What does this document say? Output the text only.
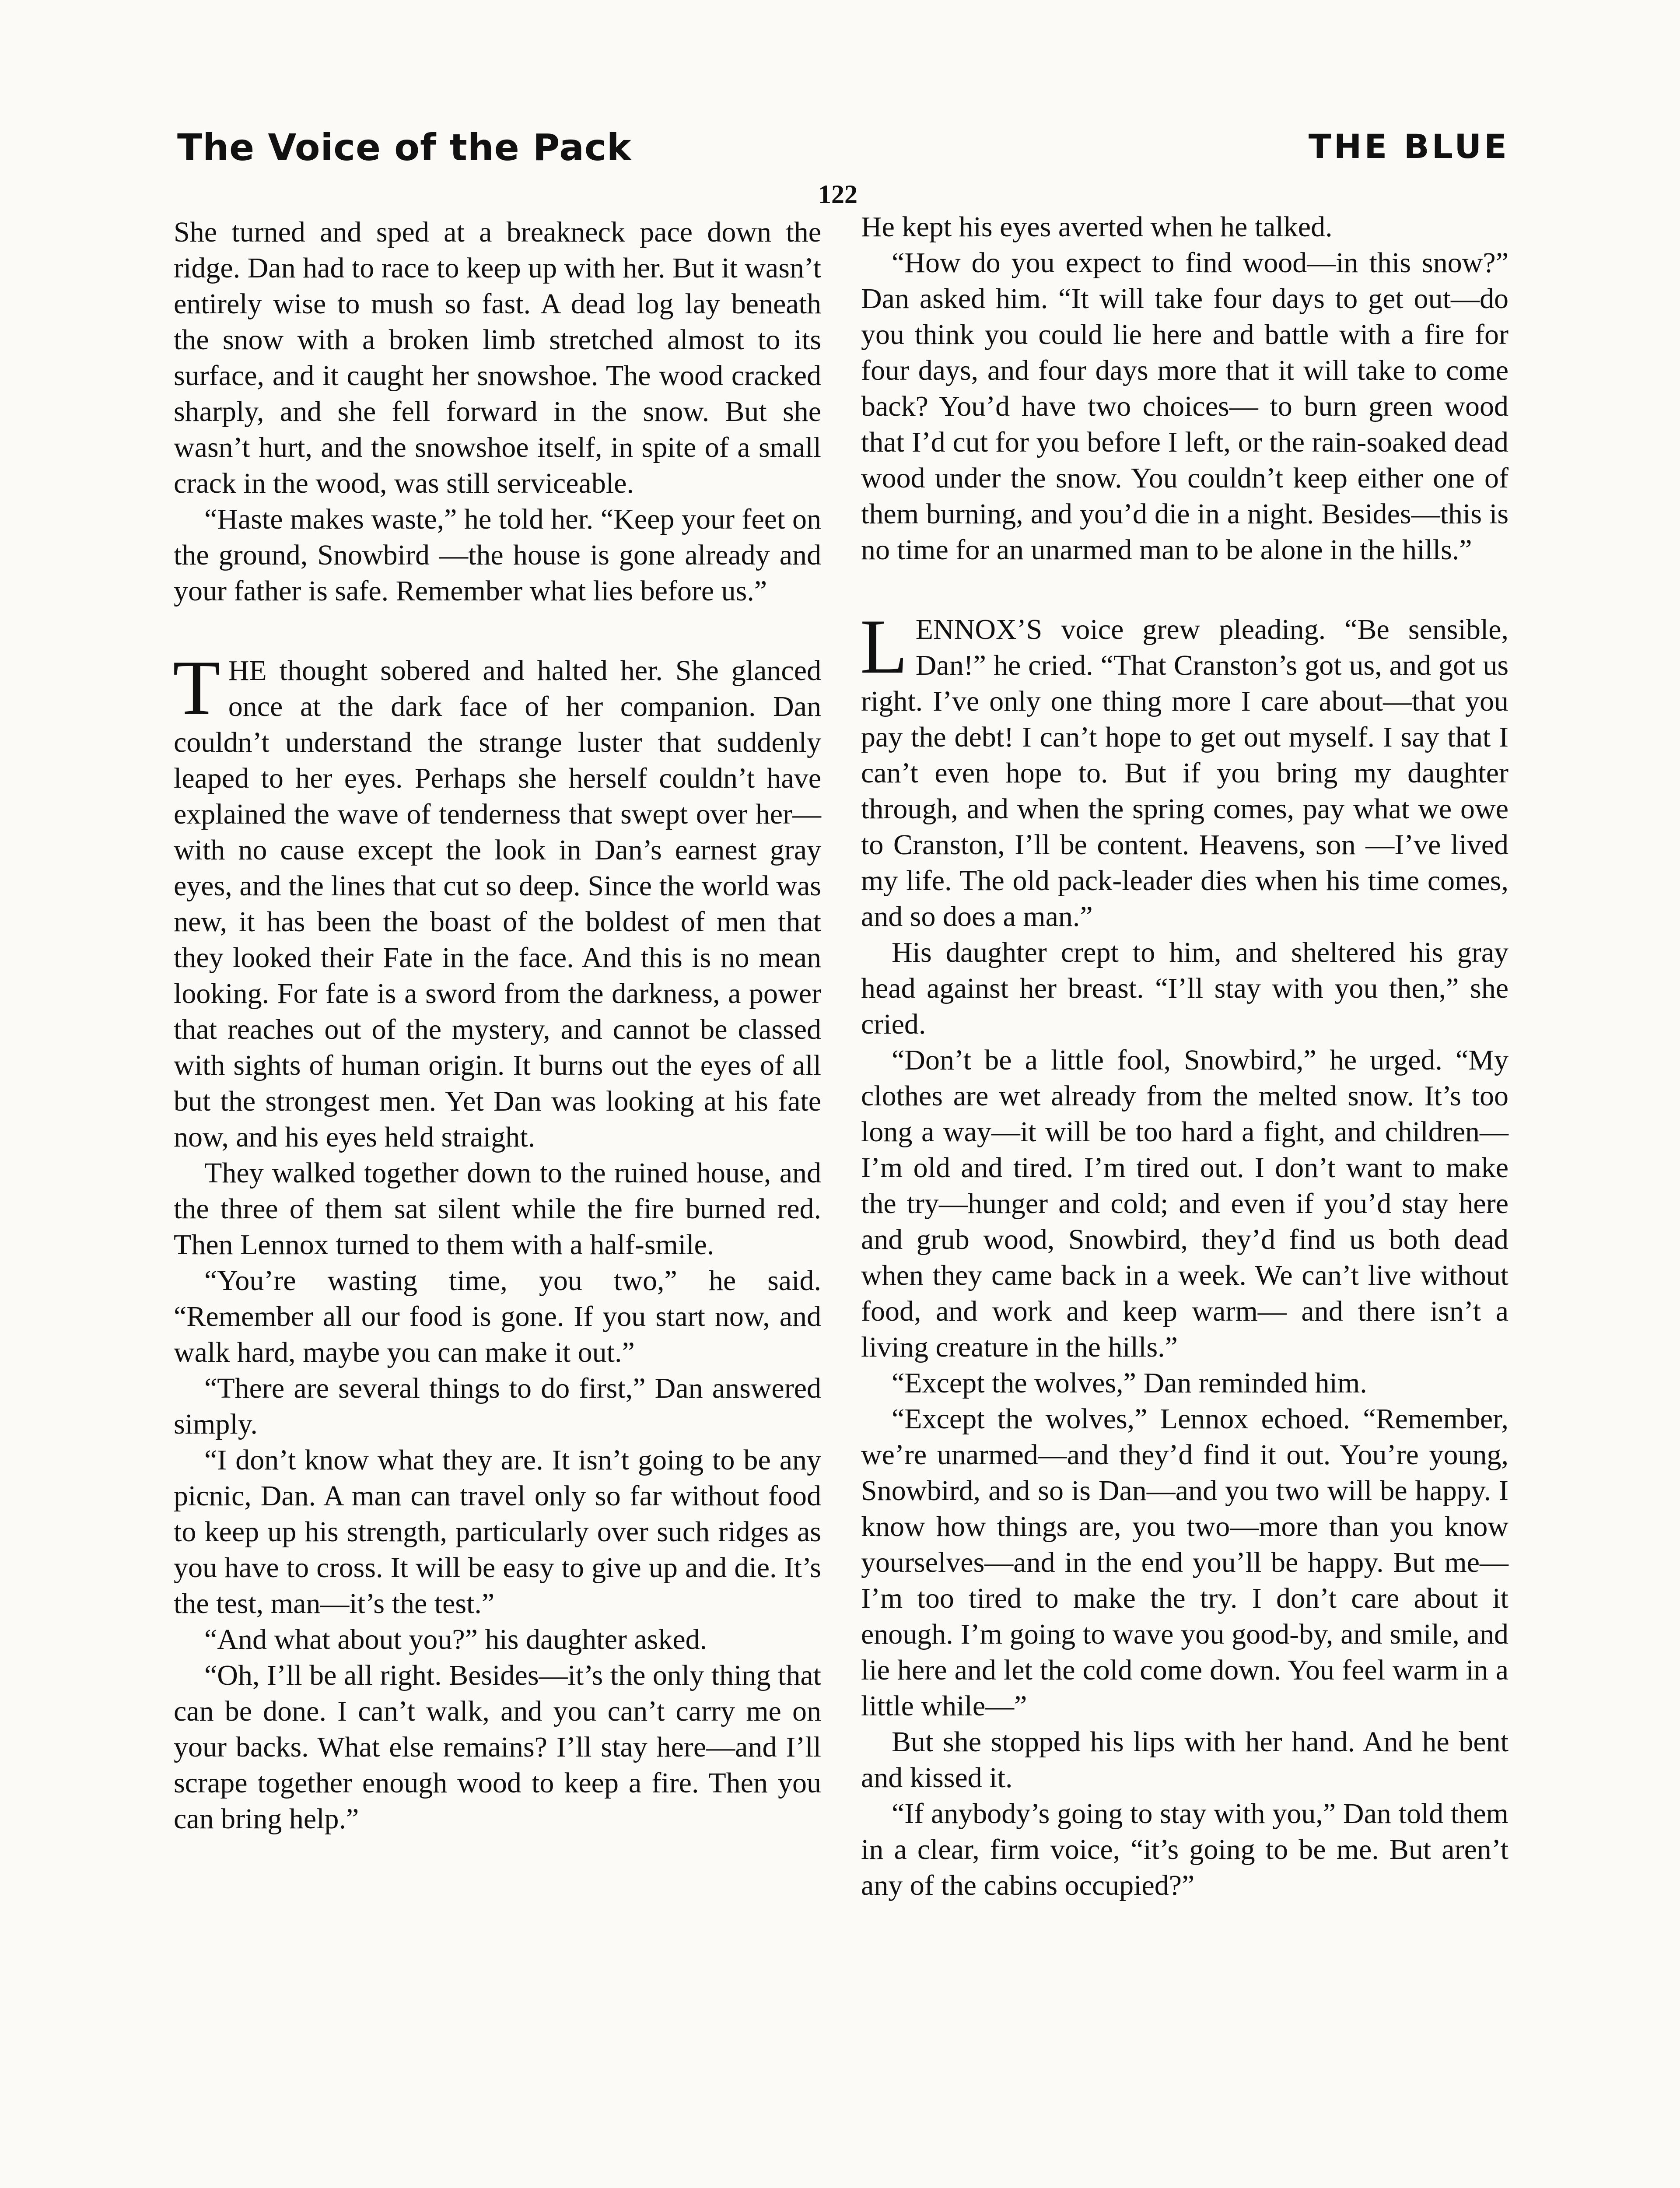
The Voice of the Pack	THE BLUE
122

She turned and sped at a breakneck pace down the ridge. Dan had to race to keep up with her. But it wasn’t entirely wise to mush so fast. A dead log lay beneath the snow with a broken limb stretched almost to its surface, and it caught her snowshoe. The wood cracked sharply, and she fell forward in the snow. But she wasn’t hurt, and the snowshoe itself, in spite of a small crack in the wood, was still serviceable.

“Haste makes waste,” he told her. “Keep your feet on the ground, Snowbird —the house is gone already and your father is safe. Remember what lies before us.”

THE thought sobered and halted her. She glanced once at the dark face of her companion. Dan couldn’t understand the strange luster that suddenly leaped to her eyes. Perhaps she herself couldn’t have explained the wave of tenderness that swept over her—with no cause except the look in Dan’s earnest gray eyes, and the lines that cut so deep. Since the world was new, it has been the boast of the boldest of men that they looked their Fate in the face. And this is no mean looking. For fate is a sword from the darkness, a power that reaches out of the mystery, and cannot be classed with sights of human origin. It burns out the eyes of all but the strongest men. Yet Dan was looking at his fate now, and his eyes held straight.

They walked together down to the ruined house, and the three of them sat silent while the fire burned red. Then Lennox turned to them with a half-smile.

“You’re wasting time, you two,” he said. “Remember all our food is gone. If you start now, and walk hard, maybe you can make it out.”

“There are several things to do first,” Dan answered simply.

“I don’t know what they are. It isn’t going to be any picnic, Dan. A man can travel only so far without food to keep up his strength, particularly over such ridges as you have to cross. It will be easy to give up and die. It’s the test, man—it’s the test.”

“And what about you?” his daughter asked.

“Oh, I’ll be all right. Besides—it’s the only thing that can be done. I can’t walk, and you can’t carry me on your backs. What else remains? I’ll stay here—and I’ll scrape together enough wood to keep a fire. Then you can bring help.”

He kept his eyes averted when he talked.

“How do you expect to find wood—in this snow?” Dan asked him. “It will take four days to get out—do you think you could lie here and battle with a fire for four days, and four days more that it will take to come back? You’d have two choices— to burn green wood that I’d cut for you before I left, or the rain-soaked dead wood under the snow. You couldn’t keep either one of them burning, and you’d die in a night. Besides—this is no time for an unarmed man to be alone in the hills.”

LENNOX’S voice grew pleading. “Be sensible, Dan!” he cried. “That Cranston’s got us, and got us right. I’ve only one thing more I care about—that you pay the debt! I can’t hope to get out myself. I say that I can’t even hope to. But if you bring my daughter through, and when the spring comes, pay what we owe to Cranston, I’ll be content. Heavens, son —I’ve lived my life. The old pack-leader dies when his time comes, and so does a man.”

His daughter crept to him, and sheltered his gray head against her breast. “I’ll stay with you then,” she cried.

“Don’t be a little fool, Snowbird,” he urged. “My clothes are wet already from the melted snow. It’s too long a way—it will be too hard a fight, and children—I’m old and tired. I’m tired out. I don’t want to make the try—hunger and cold; and even if you’d stay here and grub wood, Snowbird, they’d find us both dead when they came back in a week. We can’t live without food, and work and keep warm— and there isn’t a living creature in the hills.”

“Except the wolves,” Dan reminded him.

“Except the wolves,” Lennox echoed. “Remember, we’re unarmed—and they’d find it out. You’re young, Snowbird, and so is Dan—and you two will be happy. I know how things are, you two—more than you know yourselves—and in the end you’ll be happy. But me—I’m too tired to make the try. I don’t care about it enough. I’m going to wave you good-by, and smile, and lie here and let the cold come down. You feel warm in a little while—”

But she stopped his lips with her hand. And he bent and kissed it.

“If anybody’s going to stay with you,” Dan told them in a clear, firm voice, “it’s going to be me. But aren’t any of the cabins occupied?”
